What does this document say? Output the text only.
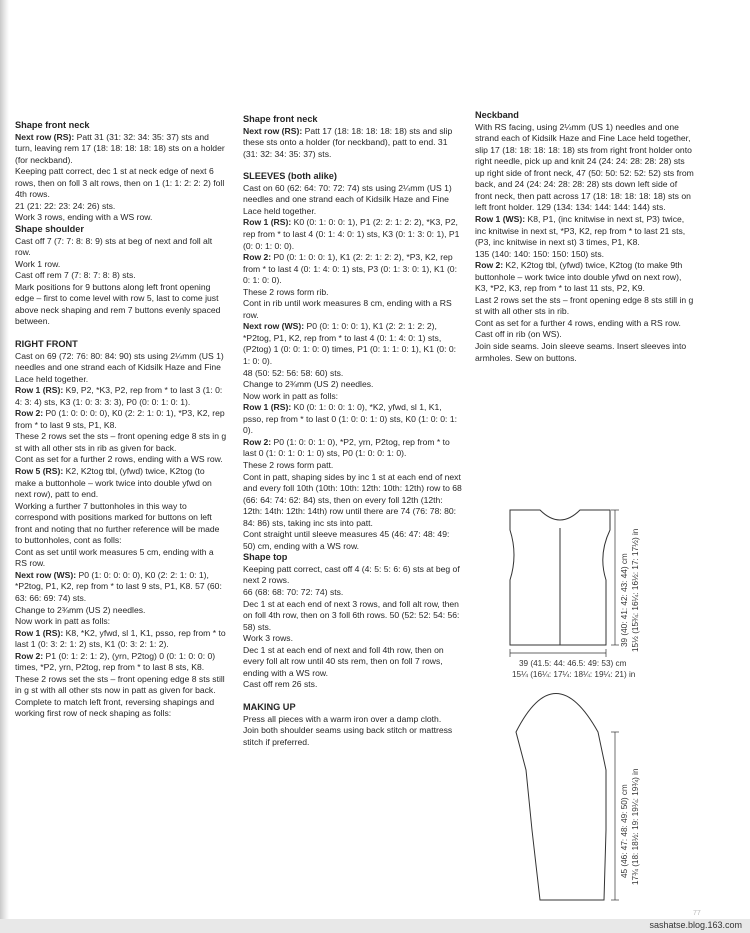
Shape front neck

Next row (RS): Patt 31 (31: 32: 34: 35: 37) sts and turn, leaving rem 17 (18: 18: 18: 18: 18) sts on a holder (for neckband).

Keeping patt correct, dec 1 st at neck edge of next 6 rows, then on foll 3 alt rows, then on 1 (1: 1: 2: 2: 2) foll 4th rows.

21 (21: 22: 23: 24: 26) sts.

Work 3 rows, ending with a WS row.

Shape shoulder

Cast off 7 (7: 7: 8: 8: 9) sts at beg of next and foll alt row.

Work 1 row.

Cast off rem 7 (7: 8: 7: 8: 8) sts.

Mark positions for 9 buttons along left front opening edge – first to come level with row 5, last to come just above neck shaping and rem 7 buttons evenly spaced between.

RIGHT FRONT

Cast on 69 (72: 76: 80: 84: 90) sts using 2¼mm (US 1) needles and one strand each of Kidsilk Haze and Fine Lace held together.

Row 1 (RS): K9, P2, *K3, P2, rep from * to last 3 (1: 0: 4: 3: 4) sts, K3 (1: 0: 3: 3: 3), P0 (0: 0: 1: 0: 1).

Row 2: P0 (1: 0: 0: 0: 0), K0 (2: 2: 1: 0: 1), *P3, K2, rep from * to last 9 sts, P1, K8.

These 2 rows set the sts – front opening edge 8 sts in g st with all other sts in rib as given for back.

Cont as set for a further 2 rows, ending with a WS row.

Row 5 (RS): K2, K2tog tbl, (yfwd) twice, K2tog (to make a buttonhole – work twice into double yfwd on next row), patt to end.

Working a further 7 buttonholes in this way to correspond with positions marked for buttons on left front and noting that no further reference will be made to buttonholes, cont as folls:

Cont as set until work measures 5 cm, ending with a RS row.

Next row (WS): P0 (1: 0: 0: 0: 0), K0 (2: 2: 1: 0: 1), *P2tog, P1, K2, rep from * to last 9 sts, P1, K8. 57 (60: 63: 66: 69: 74) sts.

Change to 2¾mm (US 2) needles.

Now work in patt as folls:

Row 1 (RS): K8, *K2, yfwd, sl 1, K1, psso, rep from * to last 1 (0: 3: 2: 1: 2) sts, K1 (0: 3: 2: 1: 2).

Row 2: P1 (0: 1: 2: 1: 2), (yrn, P2tog) 0 (0: 1: 0: 0: 0) times, *P2, yrn, P2tog, rep from * to last 8 sts, K8.

These 2 rows set the sts – front opening edge 8 sts still in g st with all other sts now in patt as given for back.

Complete to match left front, reversing shapings and working first row of neck shaping as folls:

Shape front neck

Next row (RS): Patt 17 (18: 18: 18: 18: 18) sts and slip these sts onto a holder (for neckband), patt to end. 31 (31: 32: 34: 35: 37) sts.

SLEEVES (both alike)

Cast on 60 (62: 64: 70: 72: 74) sts using 2¼mm (US 1) needles and one strand each of Kidsilk Haze and Fine Lace held together.

Row 1 (RS): K0 (0: 1: 0: 0: 1), P1 (2: 2: 1: 2: 2), *K3, P2, rep from * to last 4 (0: 1: 4: 0: 1) sts, K3 (0: 1: 3: 0: 1), P1 (0: 0: 1: 0: 0).

Row 2: P0 (0: 1: 0: 0: 1), K1 (2: 2: 1: 2: 2), *P3, K2, rep from * to last 4 (0: 1: 4: 0: 1) sts, P3 (0: 1: 3: 0: 1), K1 (0: 0: 1: 0: 0).

These 2 rows form rib.

Cont in rib until work measures 8 cm, ending with a RS row.

Next row (WS): P0 (0: 1: 0: 0: 1), K1 (2: 2: 1: 2: 2), *P2tog, P1, K2, rep from * to last 4 (0: 1: 4: 0: 1) sts, (P2tog) 1 (0: 0: 1: 0: 0) times, P1 (0: 1: 1: 0: 1), K1 (0: 0: 1: 0: 0).

48 (50: 52: 56: 58: 60) sts.

Change to 2¾mm (US 2) needles.

Now work in patt as folls:

Row 1 (RS): K0 (0: 1: 0: 0: 1: 0), *K2, yfwd, sl 1, K1, psso, rep from * to last 0 (1: 0: 0: 1: 0) sts, K0 (1: 0: 0: 1: 0).

Row 2: P0 (1: 0: 0: 1: 0), *P2, yrn, P2tog, rep from * to last 0 (1: 0: 1: 0: 1: 0) sts, P0 (1: 0: 0: 1: 0).

These 2 rows form patt.

Cont in patt, shaping sides by inc 1 st at each end of next and every foll 10th (10th: 10th: 12th: 10th: 12th) row to 68 (66: 64: 74: 62: 84) sts, then on every foll 12th (12th: 12th: 14th: 12th: 14th) row until there are 74 (76: 78: 80: 84: 86) sts, taking inc sts into patt.

Cont straight until sleeve measures 45 (46: 47: 48: 49: 50) cm, ending with a WS row.

Shape top

Keeping patt correct, cast off 4 (4: 5: 5: 6: 6) sts at beg of next 2 rows.

66 (68: 68: 70: 72: 74) sts.

Dec 1 st at each end of next 3 rows, and foll alt row, then on foll 4th row, then on 3 foll 6th rows. 50 (52: 52: 54: 56: 58) sts.

Work 3 rows.

Dec 1 st at each end of next and foll 4th row, then on every foll alt row until 40 sts rem, then on foll 7 rows, ending with a WS row.

Cast off rem 26 sts.

MAKING UP

Press all pieces with a warm iron over a damp cloth.

Join both shoulder seams using back stitch or mattress stitch if preferred.

Neckband

With RS facing, using 2¼mm (US 1) needles and one strand each of Kidsilk Haze and Fine Lace held together, slip 17 (18: 18: 18: 18: 18) sts from right front holder onto right needle, pick up and knit 24 (24: 24: 28: 28: 28) sts up right side of front neck, 47 (50: 50: 52: 52: 52) sts from back, and 24 (24: 24: 28: 28: 28) sts down left side of front neck, then patt across 17 (18: 18: 18: 18: 18) sts on left front holder. 129 (134: 134: 144: 144: 144) sts.

Row 1 (WS): K8, P1, (inc knitwise in next st, P3) twice, inc knitwise in next st, *P3, K2, rep from * to last 21 sts, (P3, inc knitwise in next st) 3 times, P1, K8.

135 (140: 140: 150: 150: 150) sts.

Row 2: K2, K2tog tbl, (yfwd) twice, K2tog (to make 9th buttonhole – work twice into double yfwd on next row), K3, *P2, K3, rep from * to last 11 sts, P2, K9.

Last 2 rows set the sts – front opening edge 8 sts still in g st with all other sts in rib.

Cont as set for a further 4 rows, ending with a RS row.

Cast off in rib (on WS).

Join side seams. Join sleeve seams. Insert sleeves into armholes. Sew on buttons.

39 (41.5: 44: 46.5: 49: 53) cm
15¼ (16¼: 17¼: 18¼: 19¼: 21) in
39 (40: 41: 42: 43: 44) cm 15½ (15¾: 16¼: 16½: 17: 17½) in
45 (46: 47: 48: 49: 50) cm 17¾ (18: 18½: 19: 19¼: 19¾) in
77
sashatse.blog.163.com
